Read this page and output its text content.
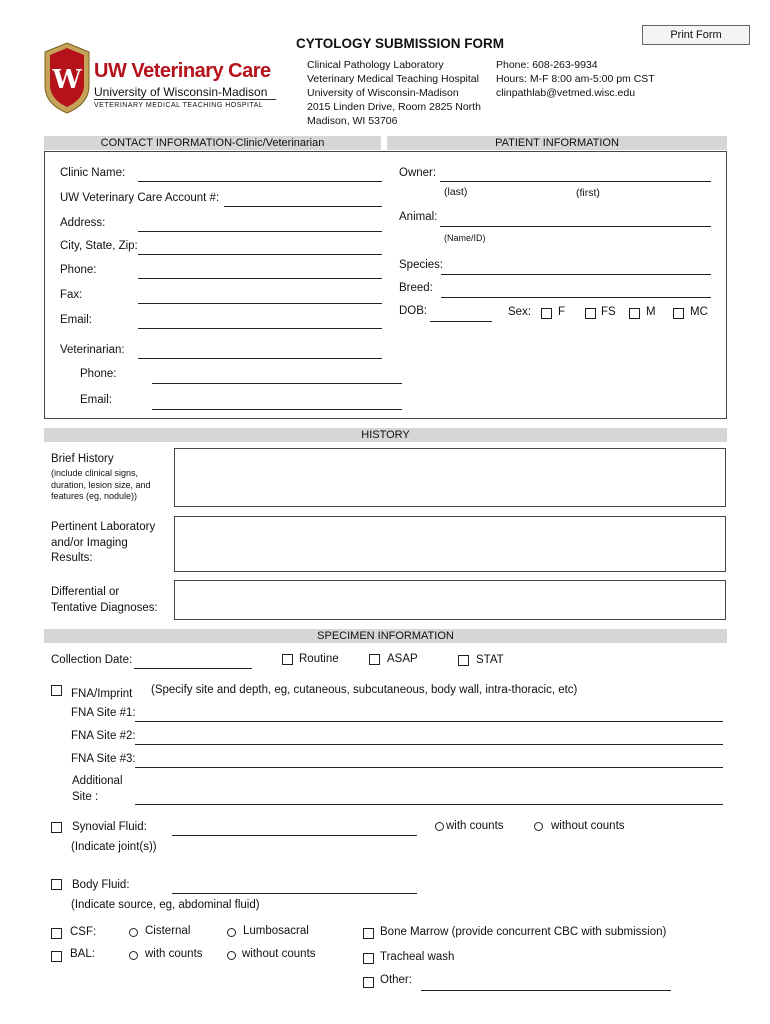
Print Form
W UW Veterinary Care
University of Wisconsin-Madison
VETERINARY MEDICAL TEACHING HOSPITAL
CYTOLOGY SUBMISSION FORM
Clinical Pathology Laboratory
Veterinary Medical Teaching Hospital
University of Wisconsin-Madison
2015 Linden Drive, Room 2825 North
Madison, WI 53706
Phone: 608-263-9934
Hours: M-F 8:00 am-5:00 pm CST
clinpathlab@vetmed.wisc.edu
CONTACT INFORMATION-Clinic/Veterinarian	PATIENT INFORMATION
Clinic Name:
UW Veterinary Care Account #:
Address:
City, State, Zip:
Phone:
Fax:
Email:
Veterinarian:
Phone:
Email:
Owner:
(last)	(first)
Animal:
(Name/ID)
Species:
Breed:
DOB:	Sex: F	FS	M	MC
HISTORY
Brief History
(include clinical signs,
duration, lesion size, and
features (eg, nodule))
Pertinent Laboratory
and/or Imaging
Results:
Differential or
Tentative Diagnoses:
SPECIMEN INFORMATION
Collection Date:	Routine	ASAP	STAT
FNA/Imprint (Specify site and depth, eg, cutaneous, subcutaneous, body wall, intra-thoracic, etc)
FNA Site #1:
FNA Site #2:
FNA Site #3:
Additional
Site :
Synovial Fluid:	with counts	without counts
(Indicate joint(s))
Body Fluid:
(Indicate source, eg, abdominal fluid)
CSF:	Cisternal	Lumbosacral
BAL:	with counts	without counts
Bone Marrow (provide concurrent CBC with submission)
Tracheal wash
Other:
